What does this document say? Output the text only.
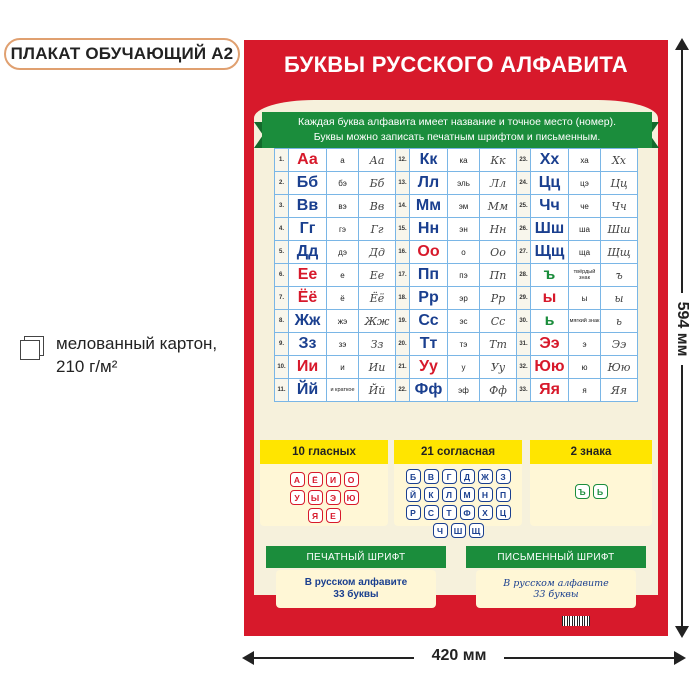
ПЛАКАТ ОБУЧАЮЩИЙ А2
мелованный картон,
210 г/м²
594 мм
420 мм
БУКВЫ РУССКОГО АЛФАВИТА
Каждая буква алфавита имеет название и точное место (номер).
Буквы можно записать печатным шрифтом и письменным.
1.	Аа	а	Аа	12.	Кк	ка	Кк	23.	Хх	ха	Хх
2.	Бб	бэ	Бб	13.	Лл	эль	Лл	24.	Цц	цэ	Цц
3.	Вв	вэ	Вв	14.	Мм	эм	Мм	25.	Чч	че	Чч
4.	Гг	гэ	Гг	15.	Нн	эн	Нн	26.	Шш	ша	Шш
5.	Дд	дэ	Дд	16.	Оо	о	Оо	27.	Щщ	ща	Щщ
6.	Ее	е	Ее	17.	Пп	пэ	Пп	28.	ъ	твёрдый знак	ъ
7.	Ёё	ё	Ёё	18.	Рр	эр	Рр	29.	ы	ы	ы
8.	Жж	жэ	Жж	19.	Сс	эс	Сс	30.	ь	мягкий знак	ь
9.	Зз	зэ	Зз	20.	Тт	тэ	Тт	31.	Ээ	э	Ээ
10.	Ии	и	Ии	21.	Уу	у	Уу	32.	Юю	ю	Юю
11.	Йй	и краткое	Йй	22.	Фф	эф	Фф	33.	Яя	я	Яя
10 гласных
А	Ё	И	О
У	Ы	Э	Ю
Я	Е
21 согласная
Б	В	Г	Д	Ж	З
Й	К	Л	М	Н	П
Р	С	Т	Ф	Х	Ц
Ч	Ш	Щ
2 знака
Ъ	Ь
ПЕЧАТНЫЙ ШРИФТ	ПИСЬМЕННЫЙ ШРИФТ
В русском алфавите
33 буквы
В русском алфавите
33 буквы
